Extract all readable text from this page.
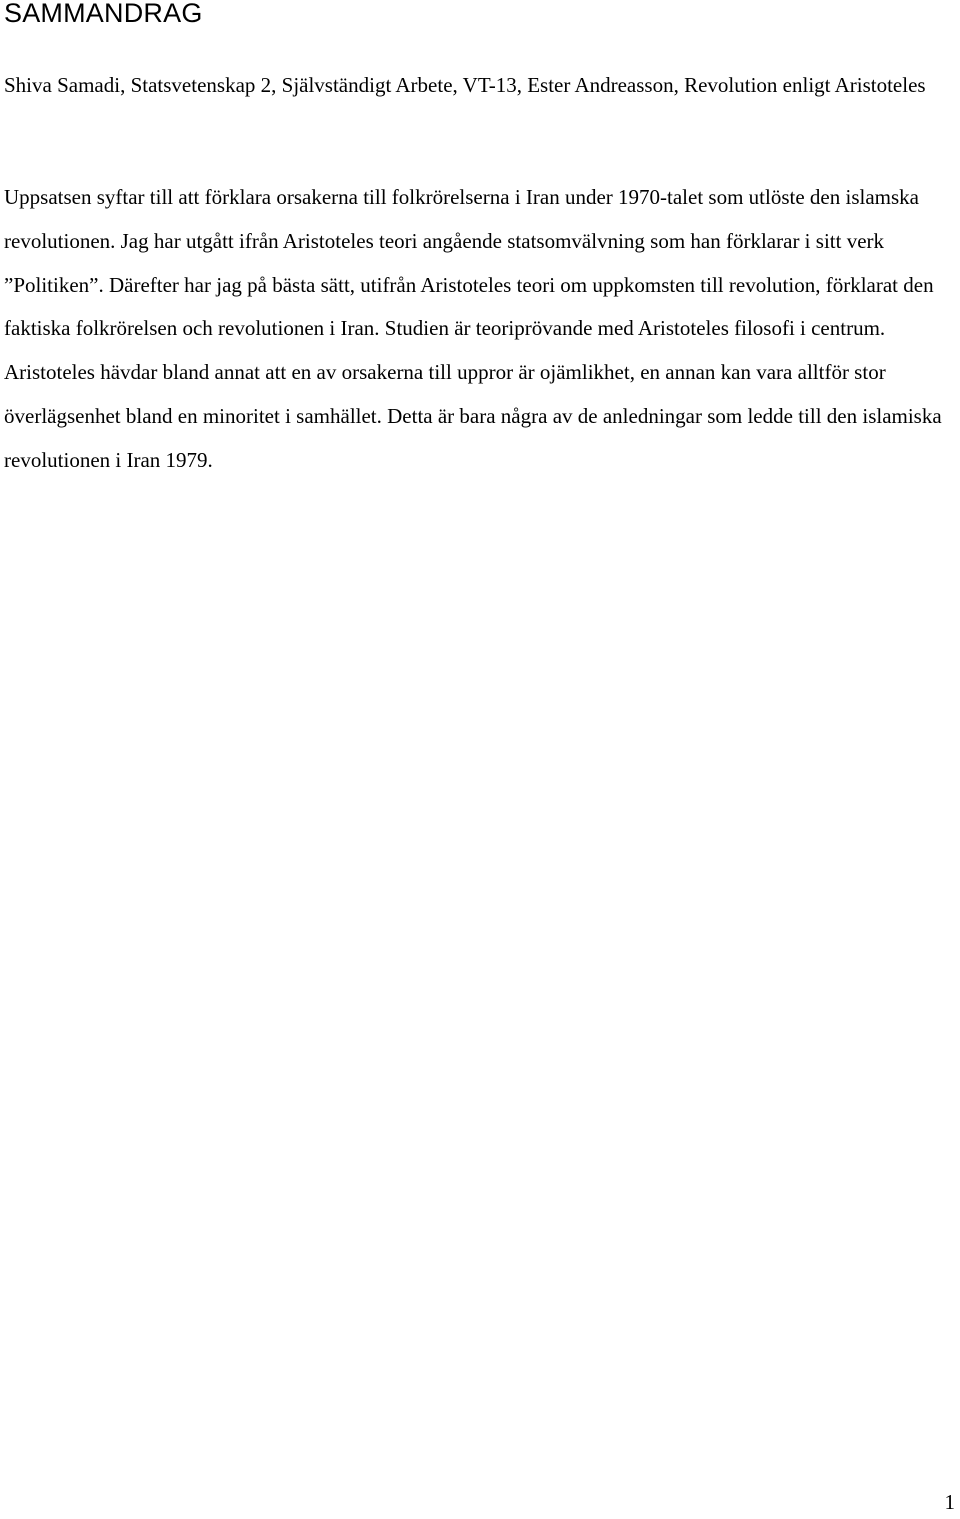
SAMMANDRAG

Shiva Samadi, Statsvetenskap 2, Självständigt Arbete, VT-13, Ester Andreasson, Revolution enligt Aristoteles

Uppsatsen syftar till att förklara orsakerna till folkrörelserna i Iran under 1970-talet som utlöste den islamska revolutionen. Jag har utgått ifrån Aristoteles teori angående statsomvälvning som han förklarar i sitt verk ”Politiken”. Därefter har jag på bästa sätt, utifrån Aristoteles teori om uppkomsten till revolution, förklarat den faktiska folkrörelsen och revolutionen i Iran. Studien är teoriprövande med Aristoteles filosofi i centrum. Aristoteles hävdar bland annat att en av orsakerna till uppror är ojämlikhet, en annan kan vara alltför stor överlägsenhet bland en minoritet i samhället. Detta är bara några av de anledningar som ledde till den islamiska revolutionen i Iran 1979.

1
